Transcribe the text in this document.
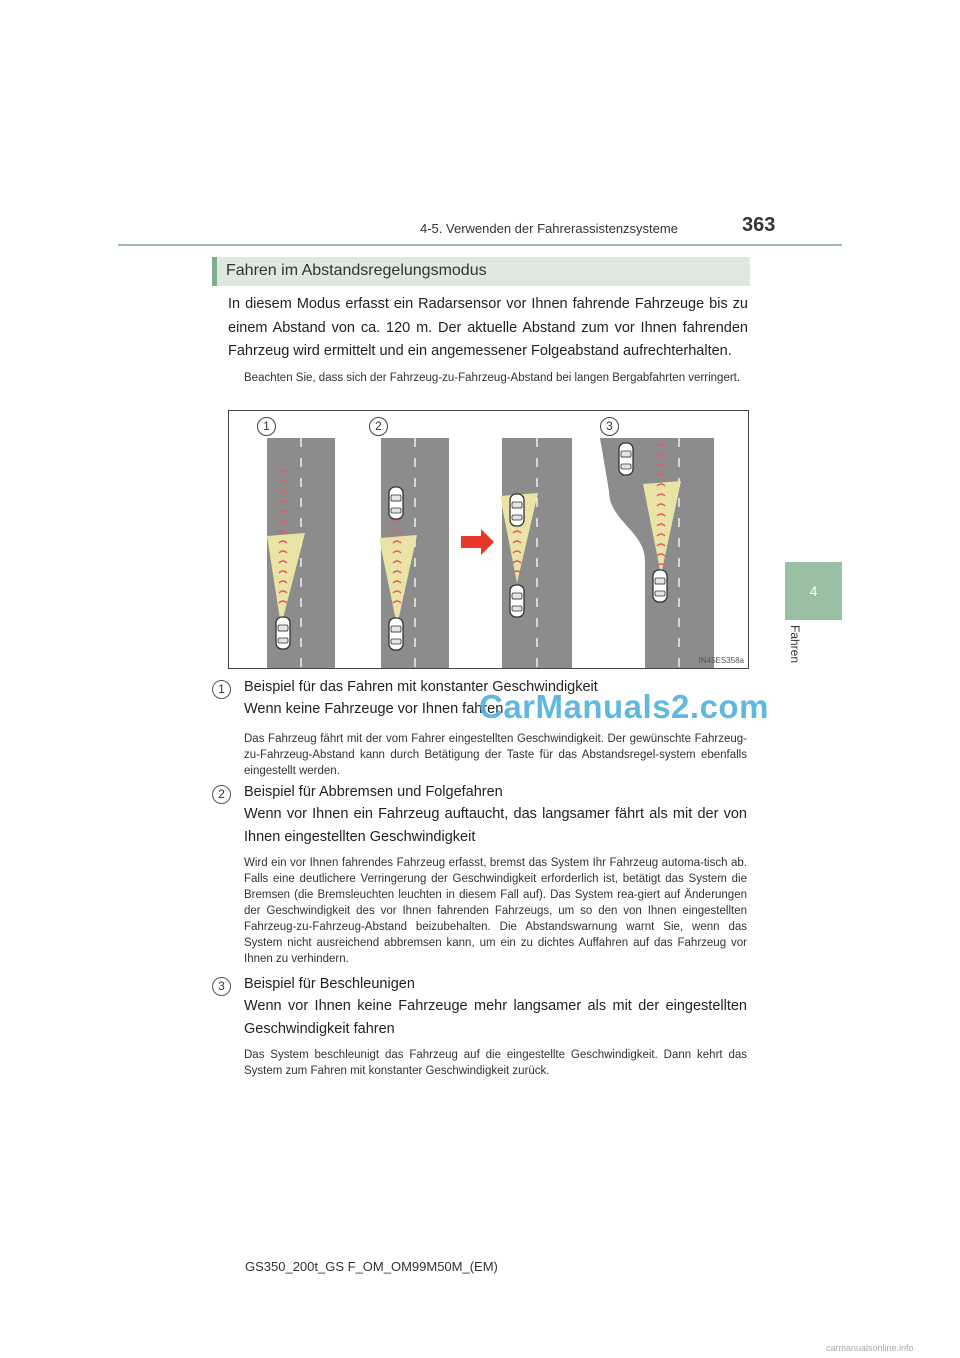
4-5. Verwenden der Fahrerassistenzsysteme	363
4
Fahren
Fahren im Abstandsregelungsmodus
In diesem Modus erfasst ein Radarsensor vor Ihnen fahrende Fahrzeuge bis zu einem Abstand von ca. 120 m. Der aktuelle Abstand zum vor Ihnen fahrenden Fahrzeug wird ermittelt und ein angemessener Folgeabstand aufrechterhalten.
Beachten Sie, dass sich der Fahrzeug-zu-Fahrzeug-Abstand bei langen Bergabfahrten verringert.
1	2	3
IN45ES358a
1	Beispiel für das Fahren mit konstanter Geschwindigkeit
Wenn keine Fahrzeuge vor Ihnen fahren
Das Fahrzeug fährt mit der vom Fahrer eingestellten Geschwindigkeit. Der gewünschte Fahrzeug-zu-Fahrzeug-Abstand kann durch Betätigung der Taste für das Abstandsregel-system ebenfalls eingestellt werden.
2	Beispiel für Abbremsen und Folgefahren
Wenn vor Ihnen ein Fahrzeug auftaucht, das langsamer fährt als mit der von
Ihnen eingestellten Geschwindigkeit
Wird ein vor Ihnen fahrendes Fahrzeug erfasst, bremst das System Ihr Fahrzeug automa-tisch ab. Falls eine deutlichere Verringerung der Geschwindigkeit erforderlich ist, betätigt das System die Bremsen (die Bremsleuchten leuchten in diesem Fall auf). Das System rea-giert auf Änderungen der Geschwindigkeit des vor Ihnen fahrenden Fahrzeugs, um so den von Ihnen eingestellten Fahrzeug-zu-Fahrzeug-Abstand beizubehalten. Die Abstandswarnung warnt Sie, wenn das System nicht ausreichend abbremsen kann, um ein zu dichtes Auffahren auf das Fahrzeug vor Ihnen zu verhindern.
3	Beispiel für Beschleunigen
Wenn vor Ihnen keine Fahrzeuge mehr langsamer als mit der eingestellten
Geschwindigkeit fahren
Das System beschleunigt das Fahrzeug auf die eingestellte Geschwindigkeit. Dann kehrt das System zum Fahren mit konstanter Geschwindigkeit zurück.
GS350_200t_GS F_OM_OM99M50M_(EM)
CarManuals2.com
carmanualsonline.info
